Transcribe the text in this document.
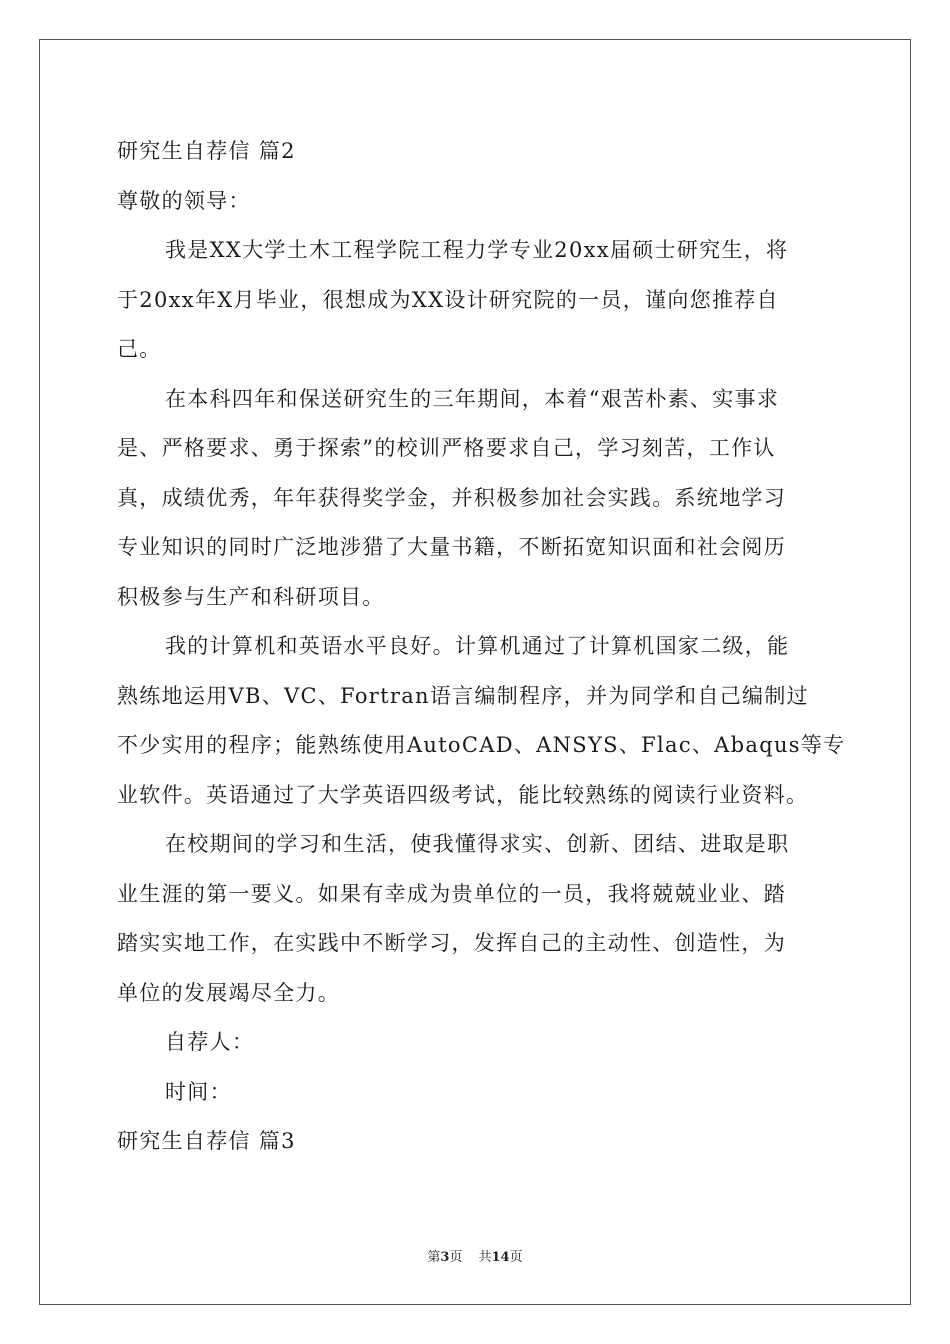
研究生自荐信 篇2
尊敬的领导：
我是XX大学土木工程学院工程力学专业20xx届硕士研究生，将
于20xx年X月毕业，很想成为XX设计研究院的一员，谨向您推荐自
己。
在本科四年和保送研究生的三年期间，本着“艰苦朴素、实事求
是、严格要求、勇于探索”的校训严格要求自己，学习刻苦，工作认
真，成绩优秀，年年获得奖学金，并积极参加社会实践。系统地学习
专业知识的同时广泛地涉猎了大量书籍，不断拓宽知识面和社会阅历
积极参与生产和科研项目。
我的计算机和英语水平良好。计算机通过了计算机国家二级，能
熟练地运用VB、VC、Fortran语言编制程序，并为同学和自己编制过
不少实用的程序；能熟练使用AutoCAD、ANSYS、Flac、Abaqus等专
业软件。英语通过了大学英语四级考试，能比较熟练的阅读行业资料。
在校期间的学习和生活，使我懂得求实、创新、团结、进取是职
业生涯的第一要义。如果有幸成为贵单位的一员，我将兢兢业业、踏
踏实实地工作，在实践中不断学习，发挥自己的主动性、创造性，为
单位的发展竭尽全力。
自荐人：
时间：
研究生自荐信 篇3
第3页 共14页
